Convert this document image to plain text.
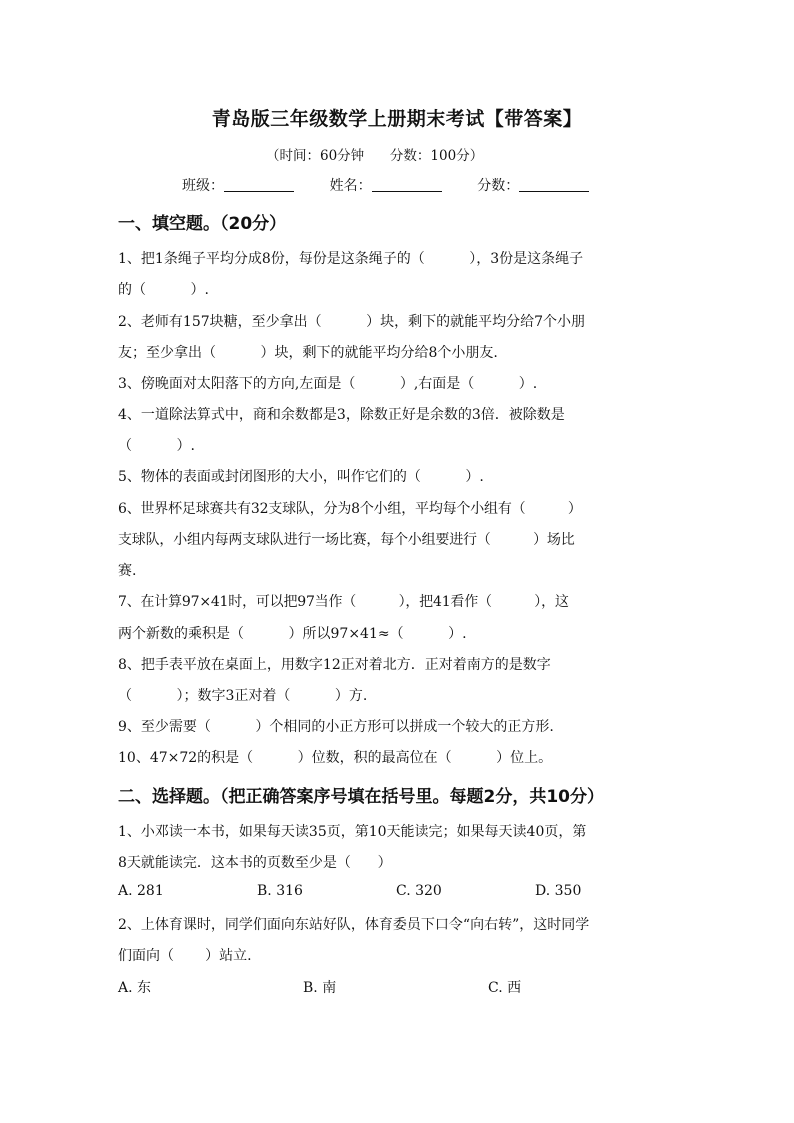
青岛版三年级数学上册期末考试【带答案】
（时间：60分钟      分数：100分）
班级：	姓名：	分数：
一、填空题。（20分）
1、把1条绳子平均分成8份，每份是这条绳子的（          ），3份是这条绳子
的（          ）.
2、老师有157块糖，至少拿出（          ）块，剩下的就能平均分给7个小朋
友；至少拿出（          ）块，剩下的就能平均分给8个小朋友.
3、傍晚面对太阳落下的方向,左面是（          ）,右面是（          ）.
4、一道除法算式中，商和余数都是3，除数正好是余数的3倍．被除数是
（          ）.
5、物体的表面或封闭图形的大小，叫作它们的（          ）.
6、世界杯足球赛共有32支球队，分为8个小组，平均每个小组有（          ）
支球队，小组内每两支球队进行一场比赛，每个小组要进行（          ）场比
赛.
7、在计算97×41时，可以把97当作（          ），把41看作（          ），这
两个新数的乘积是（          ）所以97×41≈（          ）.
8、把手表平放在桌面上，用数字12正对着北方．正对着南方的是数字
（          ）；数字3正对着（          ）方.
9、至少需要（          ）个相同的小正方形可以拼成一个较大的正方形.
10、47×72的积是（          ）位数，积的最高位在（          ）位上。
二、选择题。（把正确答案序号填在括号里。每题2分，共10分）
1、小邓读一本书，如果每天读35页，第10天能读完；如果每天读40页，第
8天就能读完．这本书的页数至少是（      ）
A. 281	B. 316	C. 320	D. 350
2、上体育课时，同学们面向东站好队，体育委员下口令“向右转”，这时同学
们面向（       ）站立.
A. 东	B. 南	C. 西
